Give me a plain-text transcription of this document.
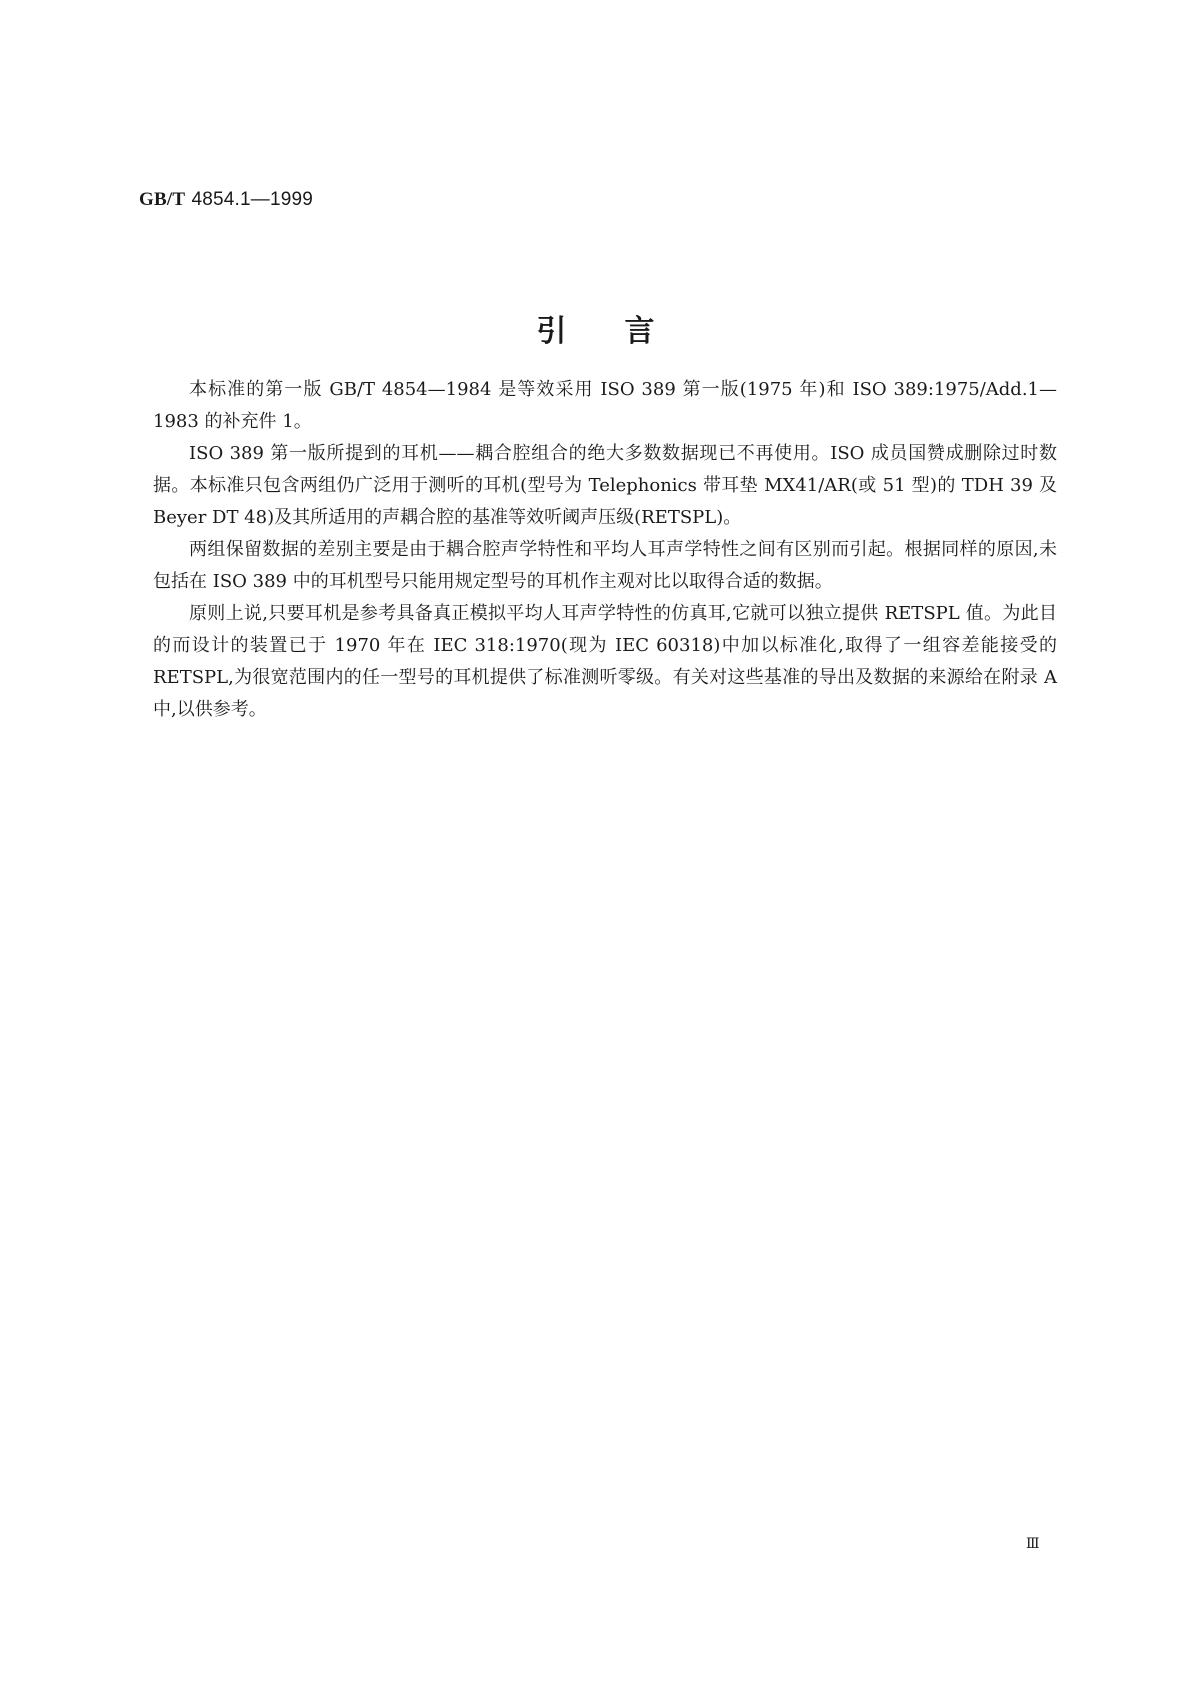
GB/T 4854.1—1999
引言

本标准的第一版 GB/T 4854—1984 是等效采用 ISO 389 第一版(1975 年)和 ISO 389:1975/Add.1—1983 的补充件 1。

ISO 389 第一版所提到的耳机——耦合腔组合的绝大多数数据现已不再使用。ISO 成员国赞成删除过时数据。本标准只包含两组仍广泛用于测听的耳机(型号为 Telephonics 带耳垫 MX41/AR(或 51 型)的 TDH 39 及 Beyer DT 48)及其所适用的声耦合腔的基准等效听阈声压级(RETSPL)。

两组保留数据的差别主要是由于耦合腔声学特性和平均人耳声学特性之间有区别而引起。根据同样的原因,未包括在 ISO 389 中的耳机型号只能用规定型号的耳机作主观对比以取得合适的数据。

原则上说,只要耳机是参考具备真正模拟平均人耳声学特性的仿真耳,它就可以独立提供 RETSPL 值。为此目的而设计的装置已于 1970 年在 IEC 318:1970(现为 IEC 60318)中加以标准化,取得了一组容差能接受的 RETSPL,为很宽范围内的任一型号的耳机提供了标准测听零级。有关对这些基准的导出及数据的来源给在附录 A 中,以供参考。

Ⅲ
